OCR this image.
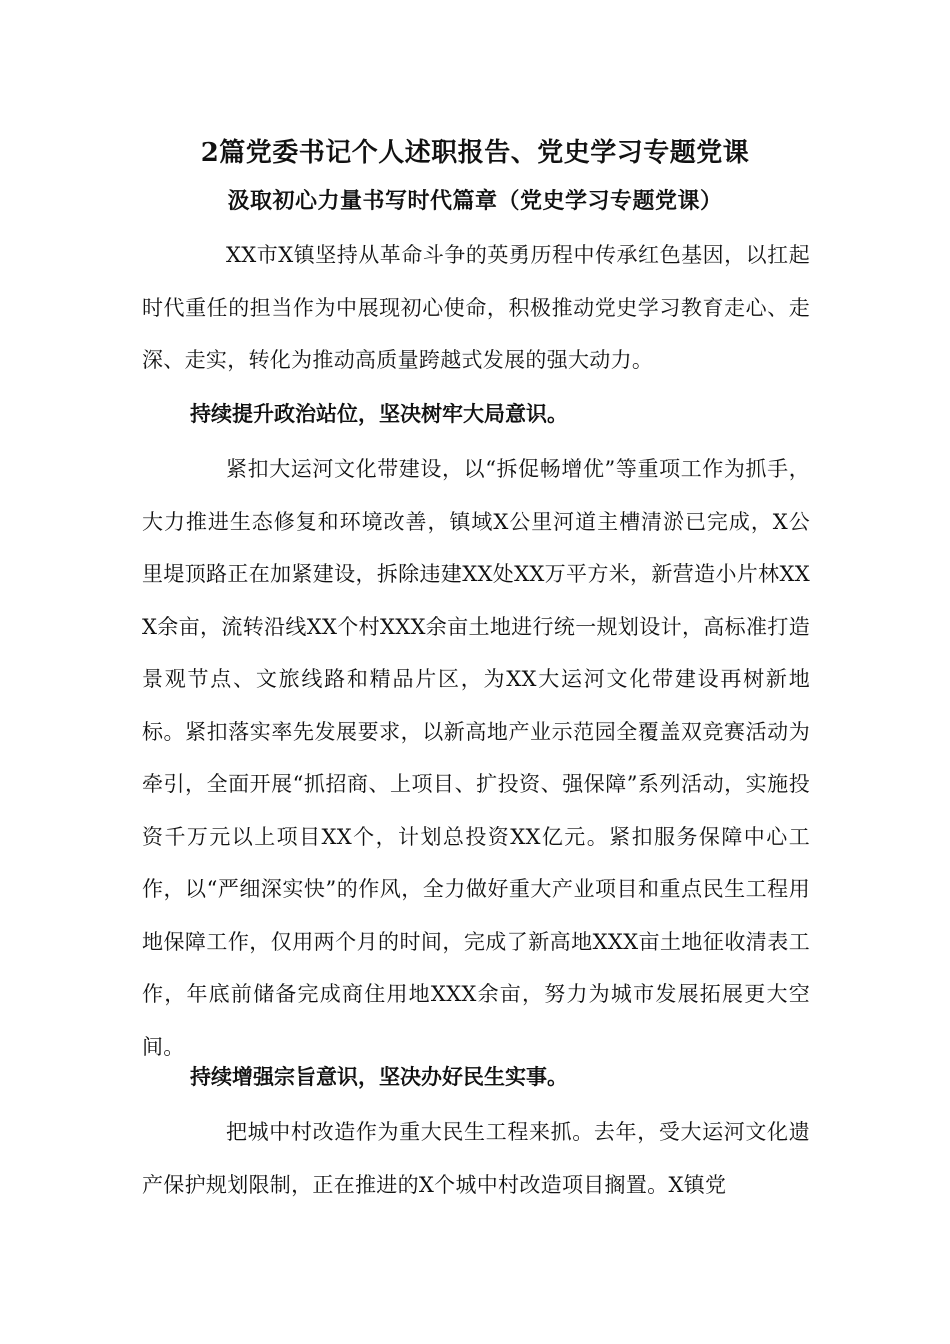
2篇党委书记个人述职报告、党史学习专题党课
汲取初心力量书写时代篇章（党史学习专题党课）
XX市X镇坚持从革命斗争的英勇历程中传承红色基因，以扛起时代重任的担当作为中展现初心使命，积极推动党史学习教育走心、走深、走实，转化为推动高质量跨越式发展的强大动力。
持续提升政治站位，坚决树牢大局意识。
紧扣大运河文化带建设，以“拆促畅增优”等重项工作为抓手，大力推进生态修复和环境改善，镇域X公里河道主槽清淤已完成，X公里堤顶路正在加紧建设，拆除违建XX处XX万平方米，新营造小片林XXX余亩，流转沿线XX个村XXX余亩土地进行统一规划设计，高标准打造景观节点、文旅线路和精品片区，为XX大运河文化带建设再树新地标。紧扣落实率先发展要求，以新高地产业示范园全覆盖双竞赛活动为牵引，全面开展“抓招商、上项目、扩投资、强保障”系列活动，实施投资千万元以上项目XX个，计划总投资XX亿元。紧扣服务保障中心工作，以“严细深实快”的作风，全力做好重大产业项目和重点民生工程用地保障工作，仅用两个月的时间，完成了新高地XXX亩土地征收清表工作，年底前储备完成商住用地XXX余亩，努力为城市发展拓展更大空间。
持续增强宗旨意识，坚决办好民生实事。
把城中村改造作为重大民生工程来抓。去年，受大运河文化遗产保护规划限制，正在推进的X个城中村改造项目搁置。X镇党
